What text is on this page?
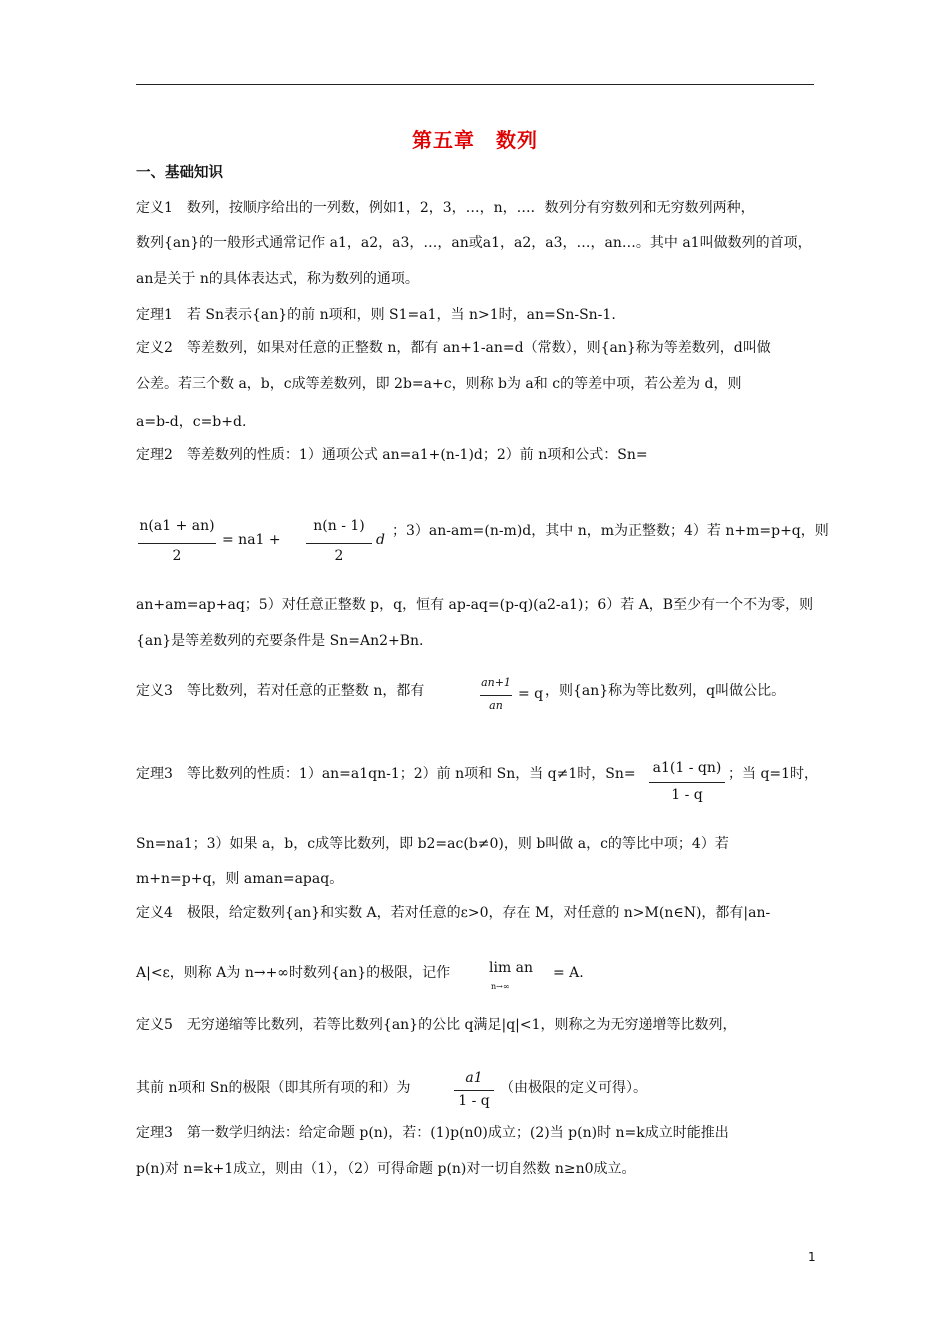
第五章　数列
一、基础知识
定义1　数列，按顺序给出的一列数，例如1，2，3，…，n，…．数列分有穷数列和无穷数列两种，
数列{an}的一般形式通常记作 a1，a2，a3，…，an或a1，a2，a3，…，an…。其中 a1叫做数列的首项，
an是关于 n的具体表达式，称为数列的通项。
定理1　若 Sn表示{an}的前 n项和，则 S1=a1，当 n>1时，an=Sn-Sn-1.
定义2　等差数列，如果对任意的正整数 n，都有 an+1-an=d（常数），则{an}称为等差数列，d叫做
公差。若三个数 a，b，c成等差数列，即 2b=a+c，则称 b为 a和 c的等差中项，若公差为 d，则
a=b-d，c=b+d.
定理2　等差数列的性质：1）通项公式 an=a1+(n-1)d；2）前 n项和公式：Sn=
n(a1 + an)
2
= na1 +
n(n - 1)
2
d
；3）an-am=(n-m)d，其中 n，m为正整数；4）若 n+m=p+q，则
an+am=ap+aq；5）对任意正整数 p，q，恒有 ap-aq=(p-q)(a2-a1)；6）若 A，B至少有一个不为零，则
{an}是等差数列的充要条件是 Sn=An2+Bn.
定义3　等比数列，若对任意的正整数 n，都有
an+1
an
= q ，则{an}称为等比数列，q叫做公比。
定理3　等比数列的性质：1）an=a1qn-1；2）前 n项和 Sn，当 q≠1时，Sn=	a1(1 - qn)
1 - q
；当 q=1时，
Sn=na1；3）如果 a，b，c成等比数列，即 b2=ac(b≠0)，则 b叫做 a，c的等比中项；4）若
m+n=p+q，则 aman=apaq。
定义4　极限，给定数列{an}和实数 A，若对任意的ε>0，存在 M，对任意的 n>M(n∈N)，都有|an-
A|<ε，则称 A为 n→+∞时数列{an}的极限，记作	lim an
n→∞
= A.
定义5　无穷递缩等比数列，若等比数列{an}的公比 q满足|q|<1，则称之为无穷递增等比数列，
其前 n项和 Sn的极限（即其所有项的和）为
a1
1 - q
（由极限的定义可得）。
定理3　第一数学归纳法：给定命题 p(n)，若：(1)p(n0)成立；(2)当 p(n)时 n=k成立时能推出
p(n)对 n=k+1成立，则由（1），（2）可得命题 p(n)对一切自然数 n≥n0成立。
1
